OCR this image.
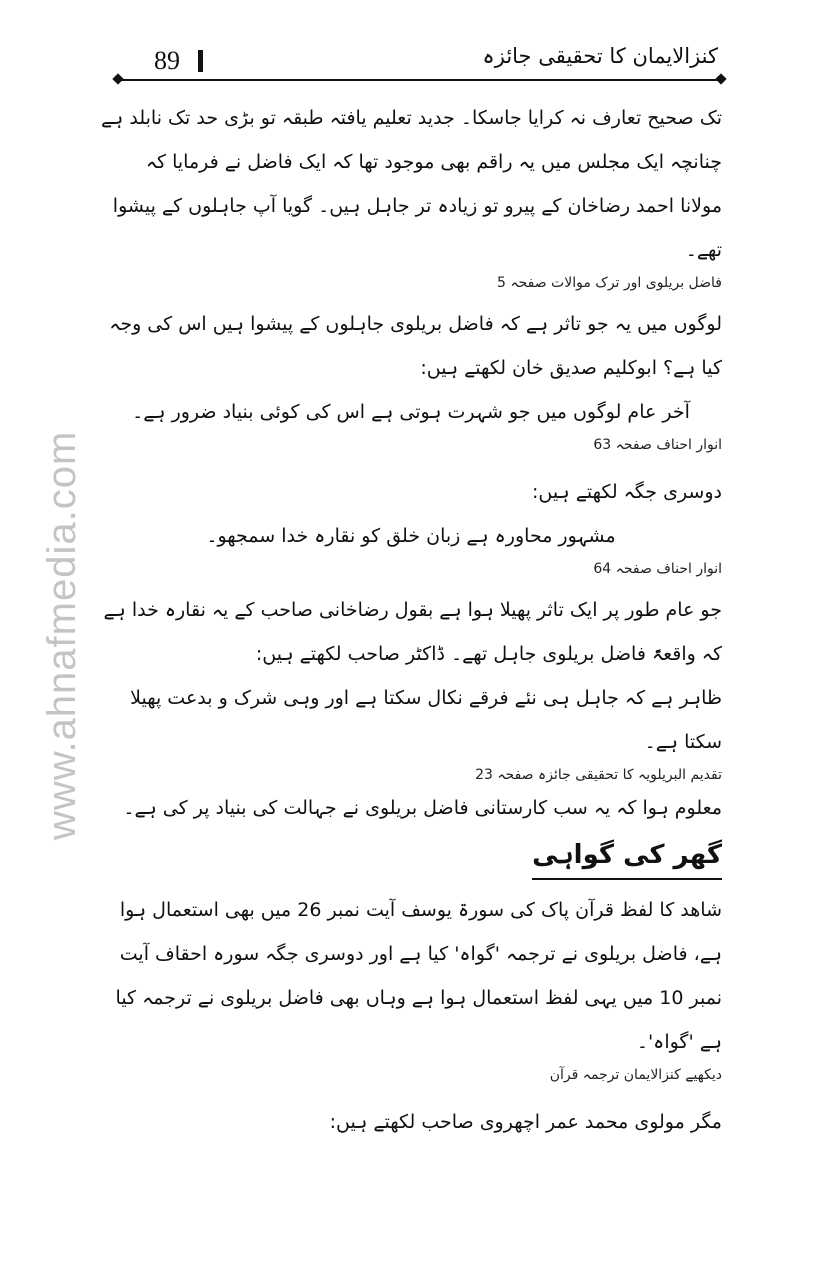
89	کنزالایمان کا تحقیقی جائزہ
www.ahnafmedia.com

تک صحیح تعارف نہ کرایا جاسکا۔ جدید تعلیم یافتہ طبقہ تو بڑی حد تک نابلد ہے چنانچہ ایک مجلس میں یہ راقم بھی موجود تھا کہ ایک فاضل نے فرمایا کہ مولانا احمد رضاخان کے پیرو تو زیادہ تر جاہل ہیں۔ گویا آپ جاہلوں کے پیشوا تھے۔

فاضل بریلوی اور ترک موالات صفحہ 5

لوگوں میں یہ جو تاثر ہے کہ فاضل بریلوی جاہلوں کے پیشوا ہیں اس کی وجہ کیا ہے؟ ابوکلیم صدیق خان لکھتے ہیں:

آخر عام لوگوں میں جو شہرت ہوتی ہے اس کی کوئی بنیاد ضرور ہے۔

انوار احناف صفحہ 63

دوسری جگہ لکھتے ہیں:

مشہور محاورہ ہے زبان خلق کو نقارہ خدا سمجھو۔

انوار احناف صفحہ 64

جو عام طور پر ایک تاثر پھیلا ہوا ہے بقول رضاخانی صاحب کے یہ نقارہ خدا ہے کہ واقعۃً فاضل بریلوی جاہل تھے۔ ڈاکٹر صاحب لکھتے ہیں:

ظاہر ہے کہ جاہل ہی نئے فرقے نکال سکتا ہے اور وہی شرک و بدعت پھیلا سکتا ہے۔

تقدیم البریلویہ کا تحقیقی جائزہ صفحہ 23

معلوم ہوا کہ یہ سب کارستانی فاضل بریلوی نے جہالت کی بنیاد پر کی ہے۔

گھر کی گواہی

شاھد کا لفظ قرآن پاک کی سورۃ یوسف آیت نمبر 26 میں بھی استعمال ہوا ہے، فاضل بریلوی نے ترجمہ 'گواہ' کیا ہے اور دوسری جگہ سورہ احقاف آیت نمبر 10 میں یہی لفظ استعمال ہوا ہے وہاں بھی فاضل بریلوی نے ترجمہ کیا ہے 'گواہ'۔

دیکھیے کنزالایمان ترجمہ قرآن

مگر مولوی محمد عمر اچھروی صاحب لکھتے ہیں:
